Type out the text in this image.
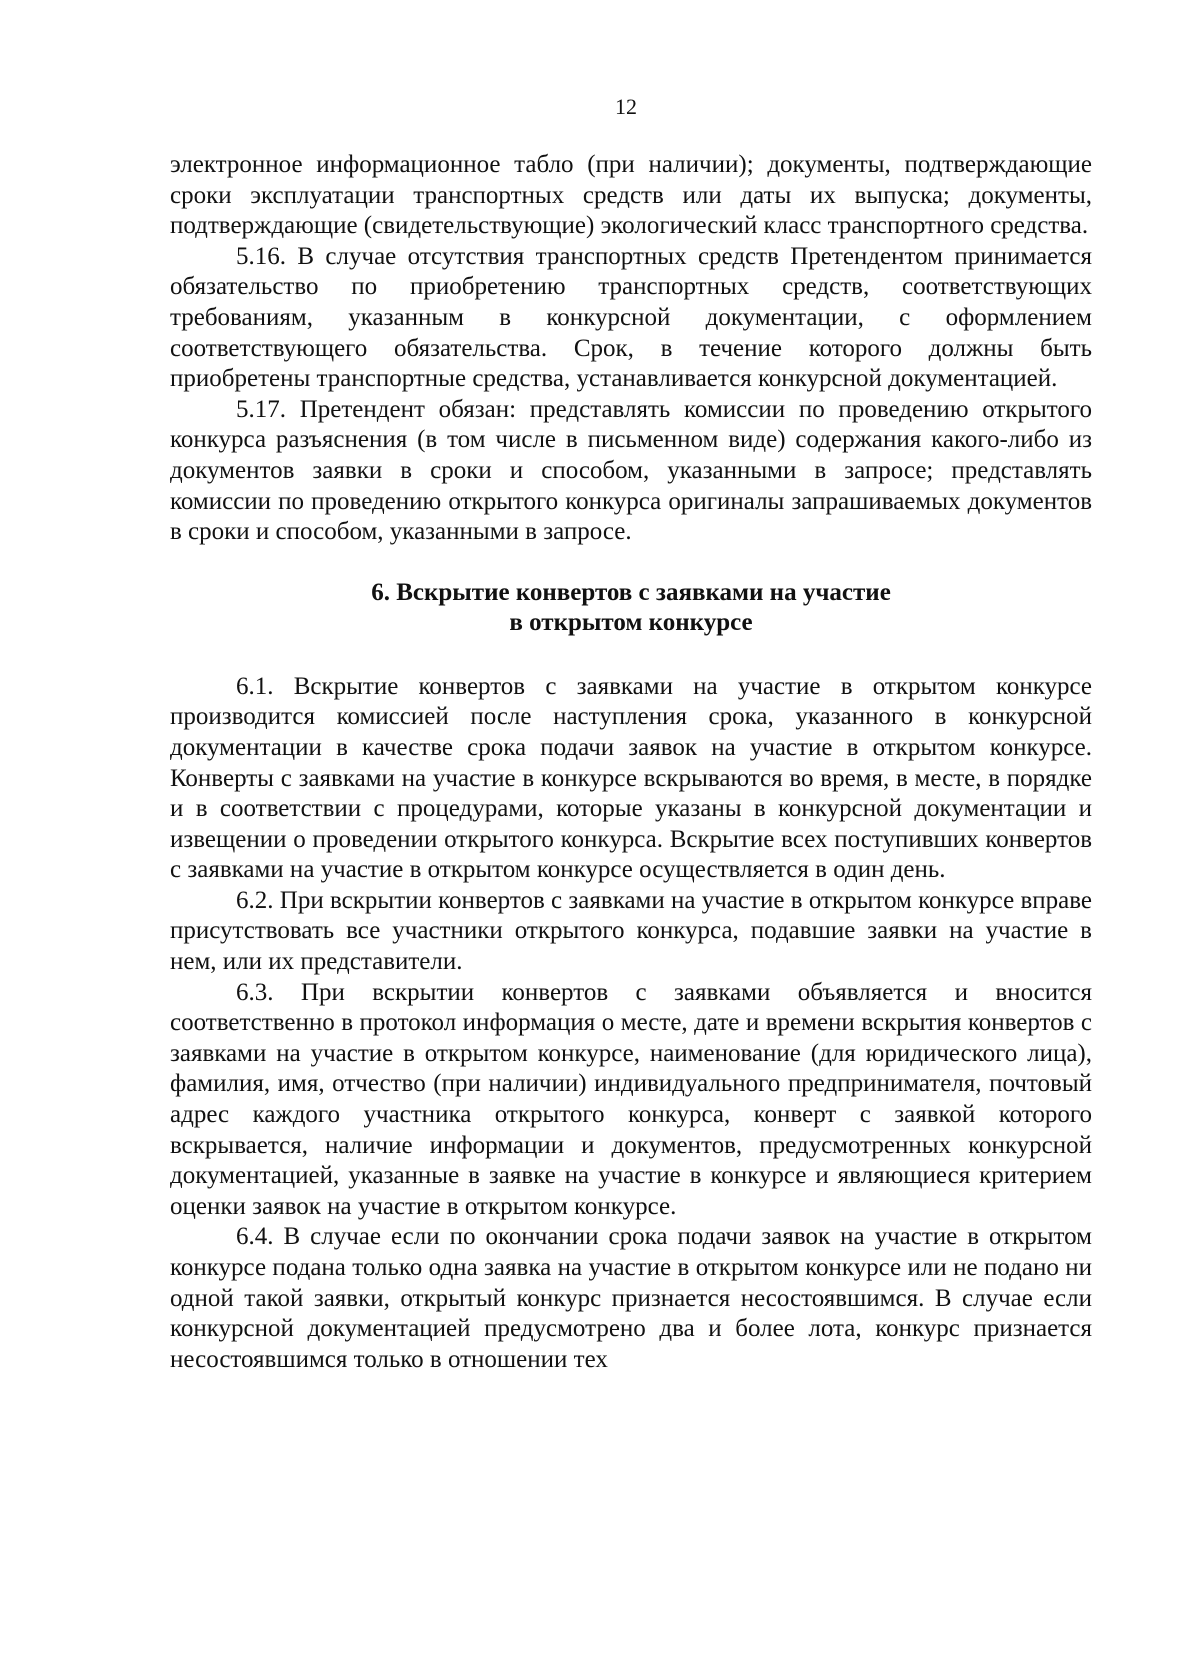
12

электронное информационное табло (при наличии); документы, подтверждающие сроки эксплуатации транспортных средств или даты их выпуска; документы, подтверждающие (свидетельствующие) экологический класс транспортного средства.

5.16. В случае отсутствия транспортных средств Претендентом принимается обязательство по приобретению транспортных средств, соответствующих требованиям, указанным в конкурсной документации, с оформлением соответствующего обязательства. Срок, в течение которого должны быть приобретены транспортные средства, устанавливается конкурсной документацией.

5.17. Претендент обязан: представлять комиссии по проведению открытого конкурса разъяснения (в том числе в письменном виде) содержания какого-либо из документов заявки в сроки и способом, указанными в запросе; представлять комиссии по проведению открытого конкурса оригиналы запрашиваемых документов в сроки и способом, указанными в запросе.

6. Вскрытие конвертов с заявками на участие
в открытом конкурсе

6.1. Вскрытие конвертов с заявками на участие в открытом конкурсе производится комиссией после наступления срока, указанного в конкурсной документации в качестве срока подачи заявок на участие в открытом конкурсе. Конверты с заявками на участие в конкурсе вскрываются во время, в месте, в порядке и в соответствии с процедурами, которые указаны в конкурсной документации и извещении о проведении открытого конкурса. Вскрытие всех поступивших конвертов с заявками на участие в открытом конкурсе осуществляется в один день.

6.2. При вскрытии конвертов с заявками на участие в открытом конкурсе вправе присутствовать все участники открытого конкурса, подавшие заявки на участие в нем, или их представители.

6.3. При вскрытии конвертов с заявками объявляется и вносится соответственно в протокол информация о месте, дате и времени вскрытия конвертов с заявками на участие в открытом конкурсе, наименование (для юридического лица), фамилия, имя, отчество (при наличии) индивидуального предпринимателя, почтовый адрес каждого участника открытого конкурса, конверт с заявкой которого вскрывается, наличие информации и документов, предусмотренных конкурсной документацией, указанные в заявке на участие в конкурсе и являющиеся критерием оценки заявок на участие в открытом конкурсе.

6.4. В случае если по окончании срока подачи заявок на участие в открытом конкурсе подана только одна заявка на участие в открытом конкурсе или не подано ни одной такой заявки, открытый конкурс признается несостоявшимся. В случае если конкурсной документацией предусмотрено два и более лота, конкурс признается несостоявшимся только в отношении тех
